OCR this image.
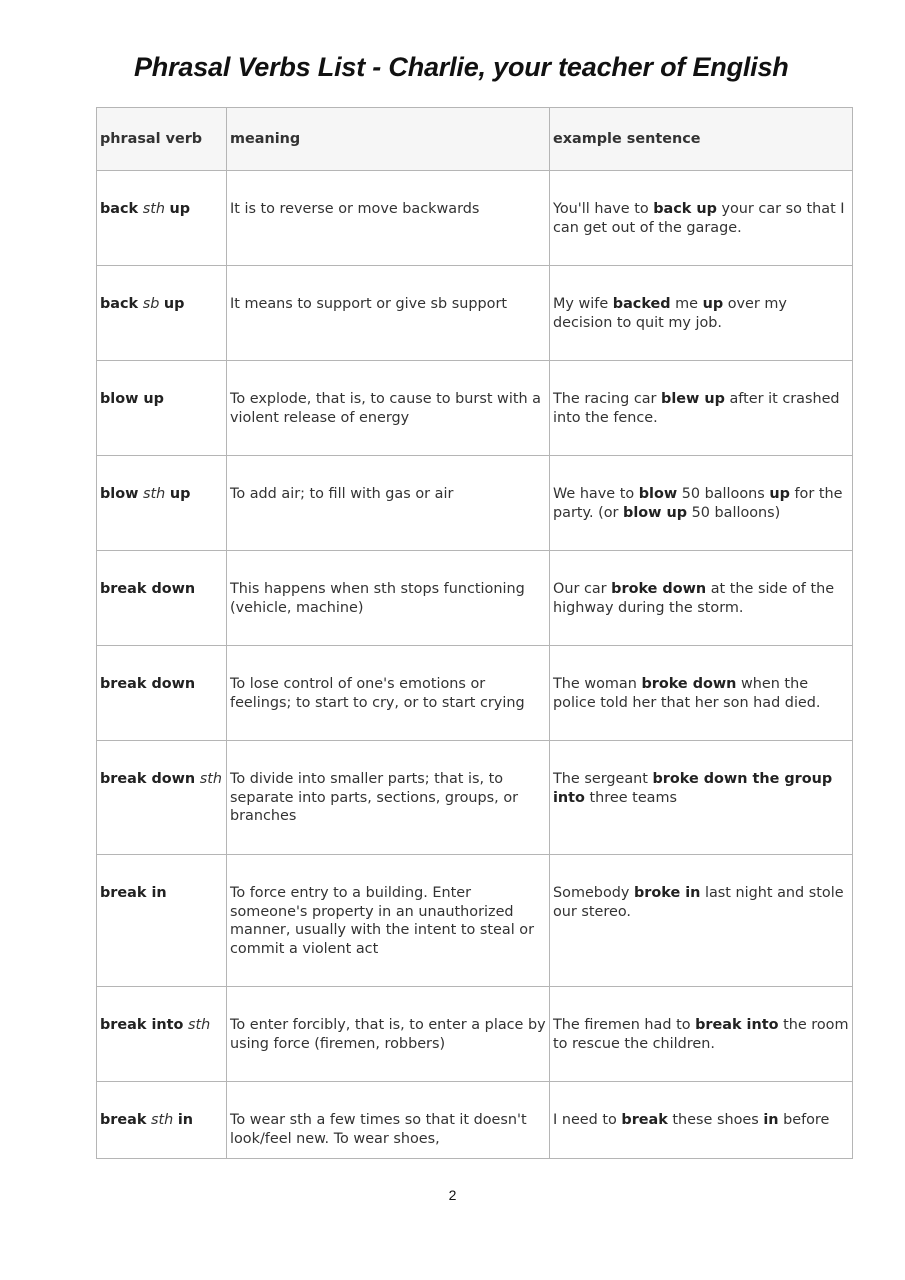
Phrasal Verbs List - Charlie, your teacher of English
phrasal verb	meaning	example sentence

back sth up	It is to reverse or move backwards	You'll have to back up your car so that I can get out of the garage.

back sb up	It means to support or give sb support	My wife backed me up over my decision to quit my job.

blow up	To explode, that is, to cause to burst with a violent release of energy	The racing car blew up after it crashed into the fence.

blow sth up	To add air; to fill with gas or air	We have to blow 50 balloons up for the party. (or blow up 50 balloons)

break down	This happens when sth stops functioning (vehicle, machine)	Our car broke down at the side of the highway during the storm.

break down	To lose control of one's emotions or feelings; to start to cry, or to start crying	The woman broke down when the police told her that her son had died.

break down sth	To divide into smaller parts; that is, to separate into parts, sections, groups, or branches	The sergeant broke down the group into three teams

break in	To force entry to a building. Enter someone's property in an unauthorized manner, usually with the intent to steal or commit a violent act	Somebody broke in last night and stole our stereo.

break into sth	To enter forcibly, that is, to enter a place by using force (firemen, robbers)	The firemen had to break into the room to rescue the children.

break sth in	To wear sth a few times so that it doesn't look/feel new. To wear shoes,	I need to break these shoes in before
2
